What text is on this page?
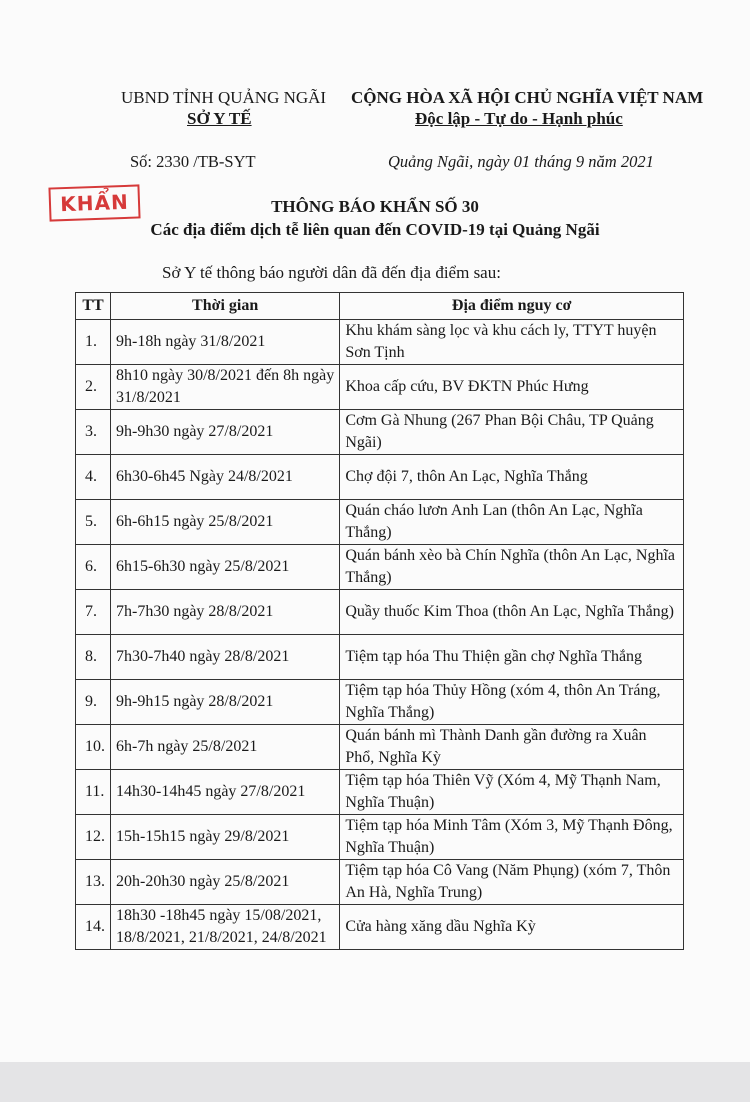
UBND TỈNH QUẢNG NGÃI
SỞ Y TẾ
CỘNG HÒA XÃ HỘI CHỦ NGHĨA VIỆT NAM
Độc lập - Tự do - Hạnh phúc
Số: 2330 /TB-SYT	Quảng Ngãi, ngày 01 tháng 9 năm 2021
KHẨN	THÔNG BÁO KHẨN SỐ 30
Các địa điểm dịch tễ liên quan đến COVID-19 tại Quảng Ngãi
Sở Y tế thông báo người dân đã đến địa điểm sau:
TT	Thời gian	Địa điểm nguy cơ
1.	9h-18h ngày 31/8/2021	Khu khám sàng lọc và khu cách ly, TTYT huyện Sơn Tịnh
2.	8h10 ngày 30/8/2021 đến 8h ngày 31/8/2021	Khoa cấp cứu, BV ĐKTN Phúc Hưng
3.	9h-9h30 ngày 27/8/2021	Cơm Gà Nhung (267 Phan Bội Châu, TP Quảng Ngãi)
4.	6h30-6h45 Ngày 24/8/2021	Chợ đội 7, thôn An Lạc, Nghĩa Thắng
5.	6h-6h15 ngày 25/8/2021	Quán cháo lươn Anh Lan (thôn An Lạc, Nghĩa Thắng)
6.	6h15-6h30 ngày 25/8/2021	Quán bánh xèo bà Chín Nghĩa (thôn An Lạc, Nghĩa Thắng)
7.	7h-7h30 ngày 28/8/2021	Quầy thuốc Kim Thoa (thôn An Lạc, Nghĩa Thắng)
8.	7h30-7h40 ngày 28/8/2021	Tiệm tạp hóa Thu Thiện gần chợ Nghĩa Thắng
9.	9h-9h15 ngày 28/8/2021	Tiệm tạp hóa Thủy Hồng (xóm 4, thôn An Tráng, Nghĩa Thắng)
10.	6h-7h ngày 25/8/2021	Quán bánh mì Thành Danh gần đường ra Xuân Phổ, Nghĩa Kỳ
11.	14h30-14h45 ngày 27/8/2021	Tiệm tạp hóa Thiên Vỹ (Xóm 4, Mỹ Thạnh Nam, Nghĩa Thuận)
12.	15h-15h15 ngày 29/8/2021	Tiệm tạp hóa Minh Tâm (Xóm 3, Mỹ Thạnh Đông, Nghĩa Thuận)
13.	20h-20h30 ngày 25/8/2021	Tiệm tạp hóa Cô Vang (Năm Phụng) (xóm 7, Thôn An Hà, Nghĩa Trung)
14.	18h30 -18h45 ngày 15/08/2021, 18/8/2021, 21/8/2021, 24/8/2021	Cửa hàng xăng dầu Nghĩa Kỳ
